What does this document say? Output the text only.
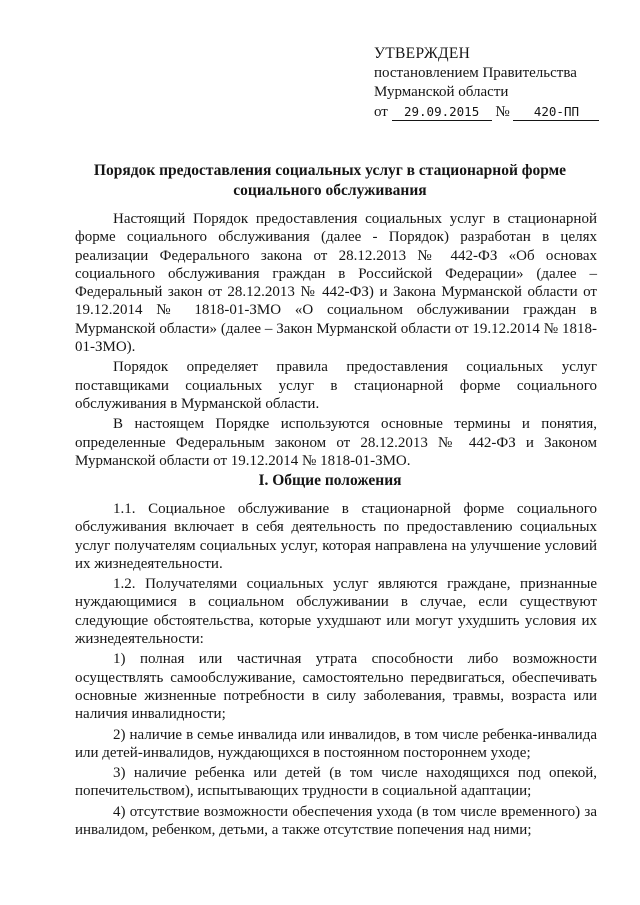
УТВЕРЖДЕН
постановлением Правительства
Мурманской области
от 29.09.2015 № 420-ПП
Порядок предоставления социальных услуг в стационарной форме социального обслуживания

Настоящий Порядок предоставления социальных услуг в стационарной форме социального обслуживания (далее - Порядок) разработан в целях реализации Федерального закона от 28.12.2013 № 442-ФЗ «Об основах социального обслуживания граждан в Российской Федерации» (далее – Федеральный закон от 28.12.2013 № 442-ФЗ) и Закона Мурманской области от 19.12.2014 № 1818-01-ЗМО «О социальном обслуживании граждан в Мурманской области» (далее – Закон Мурманской области от 19.12.2014 № 1818-01-ЗМО).

Порядок определяет правила предоставления социальных услуг поставщиками социальных услуг в стационарной форме социального обслуживания в Мурманской области.

В настоящем Порядке используются основные термины и понятия, определенные Федеральным законом от 28.12.2013 № 442-ФЗ и Законом Мурманской области от 19.12.2014 № 1818-01-ЗМО.

I. Общие положения

1.1. Социальное обслуживание в стационарной форме социального обслуживания включает в себя деятельность по предоставлению социальных услуг получателям социальных услуг, которая направлена на улучшение условий их жизнедеятельности.

1.2. Получателями социальных услуг являются граждане, признанные нуждающимися в социальном обслуживании в случае, если существуют следующие обстоятельства, которые ухудшают или могут ухудшить условия их жизнедеятельности:

1) полная или частичная утрата способности либо возможности осуществлять самообслуживание, самостоятельно передвигаться, обеспечивать основные жизненные потребности в силу заболевания, травмы, возраста или наличия инвалидности;

2) наличие в семье инвалида или инвалидов, в том числе ребенка-инвалида или детей-инвалидов, нуждающихся в постоянном постороннем уходе;

3) наличие ребенка или детей (в том числе находящихся под опекой, попечительством), испытывающих трудности в социальной адаптации;

4) отсутствие возможности обеспечения ухода (в том числе временного) за инвалидом, ребенком, детьми, а также отсутствие попечения над ними;
